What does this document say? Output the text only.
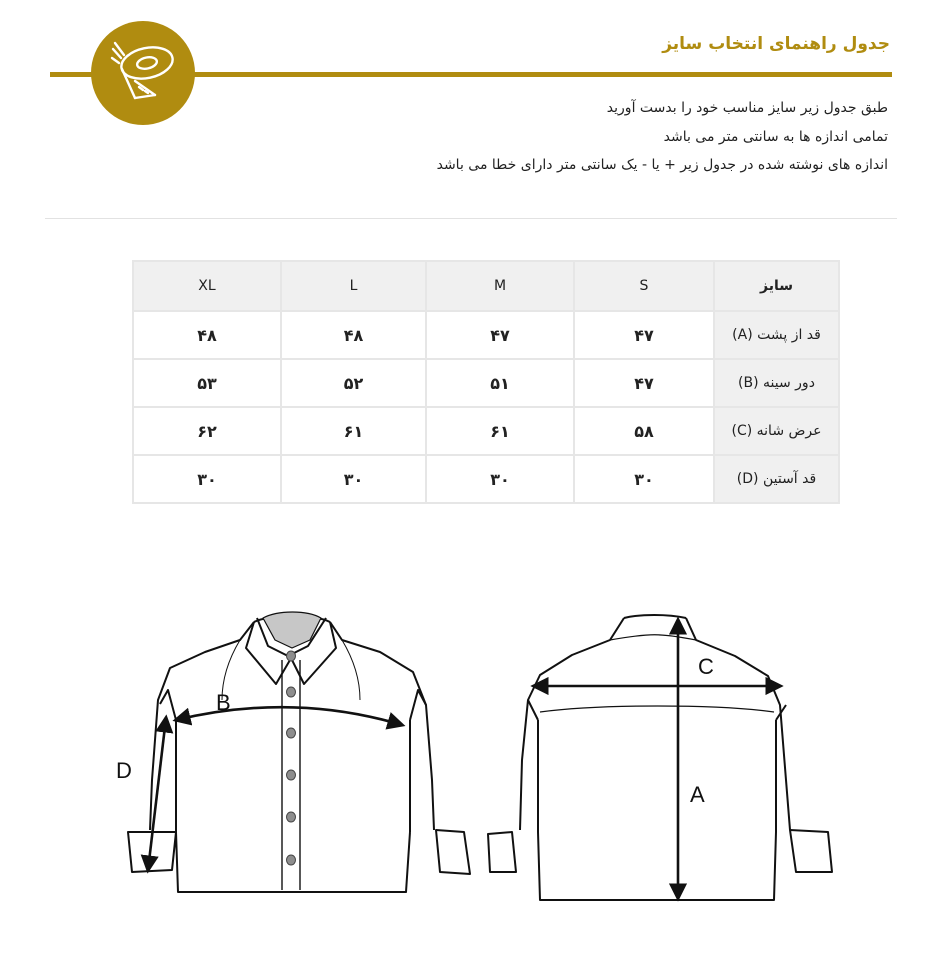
جدول راهنمای انتخاب سایز
طبق جدول زیر سایز مناسب خود را بدست آورید
تمامی اندازه ها به سانتی متر می باشد
اندازه های نوشته شده در جدول زیر + یا - یک سانتی متر دارای خطا می باشد
سایز	S	M	L	XL
قد از پشت (A)	۴۷	۴۷	۴۸	۴۸
دور سینه (B)	۴۷	۵۱	۵۲	۵۳
عرض شانه (C)	۵۸	۶۱	۶۱	۶۲
قد آستین (D)	۳۰	۳۰	۳۰	۳۰
B
D
C
A
